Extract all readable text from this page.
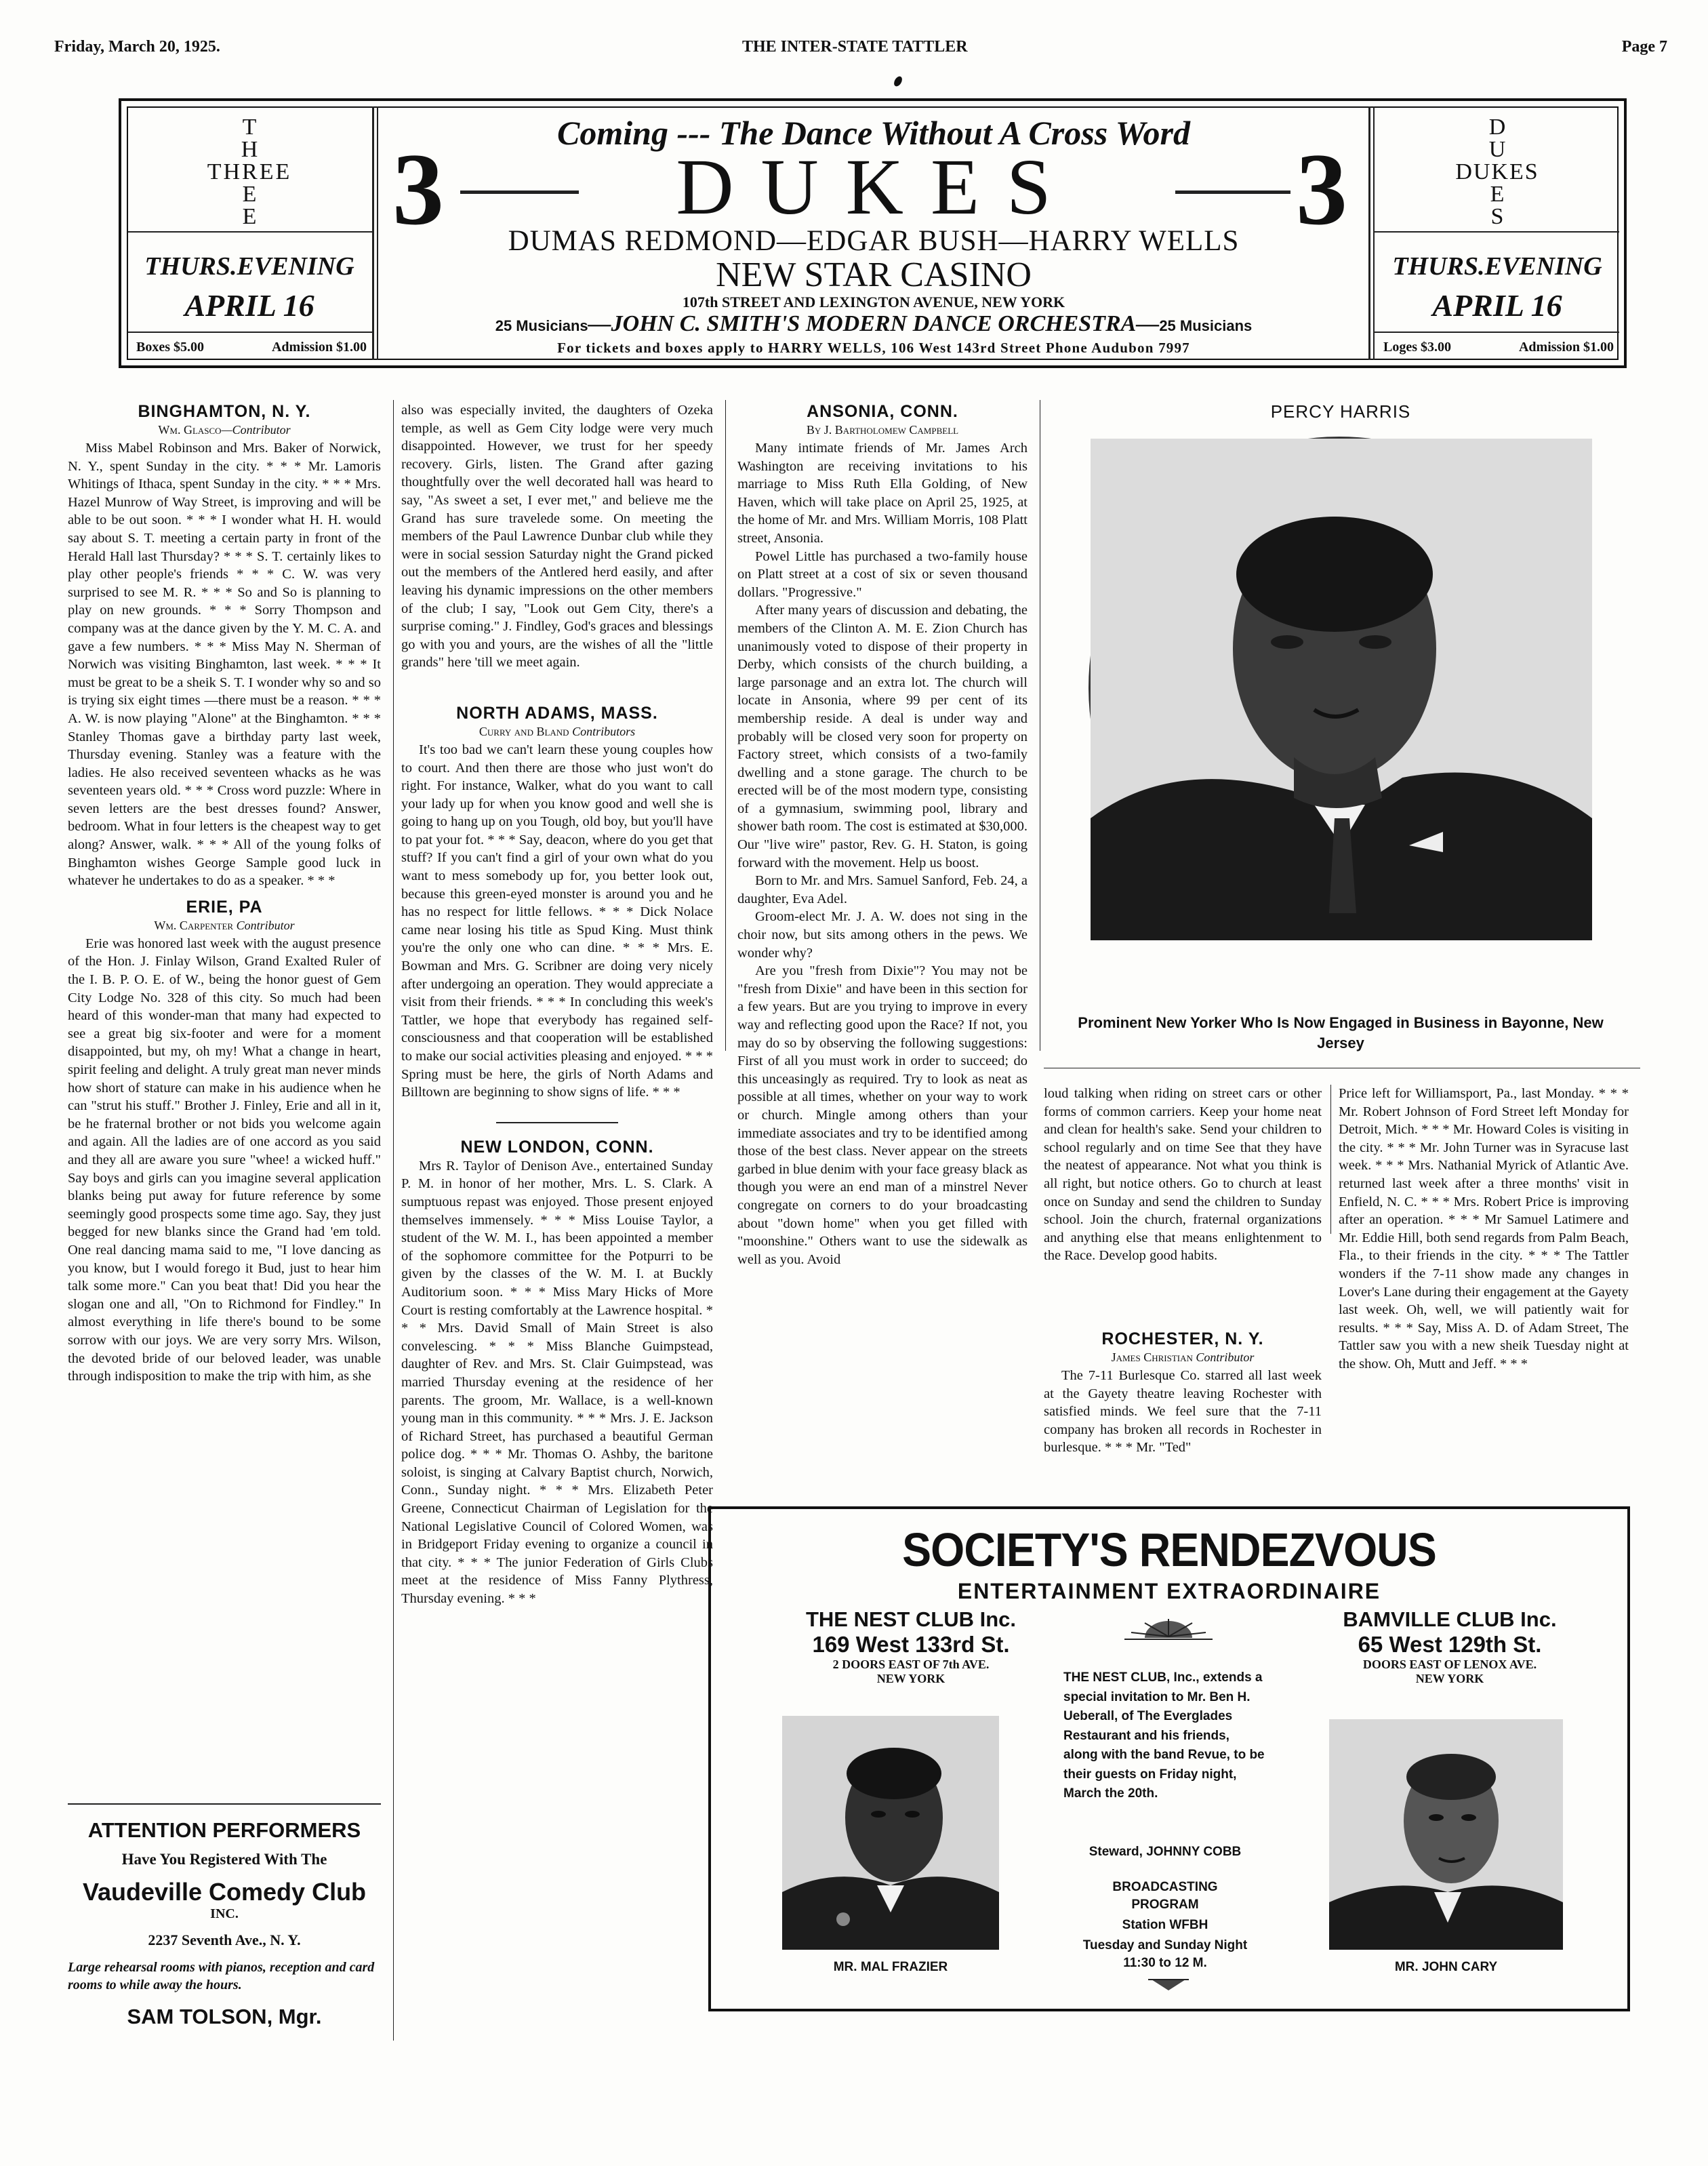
Friday, March 20, 1925.	THE INTER-STATE TATTLER	Page 7
T
H
THREE
E
E
THURS.EVENING
APRIL 16
Boxes $5.00	Admission $1.00
Coming --- The Dance Without A Cross Word
3	3
DUKES
DUMAS REDMOND—EDGAR BUSH—HARRY WELLS
NEW STAR CASINO
107th STREET AND LEXINGTON AVENUE, NEW YORK
25 Musicians—JOHN C. SMITH'S MODERN DANCE ORCHESTRA—25 Musicians
For tickets and boxes apply to HARRY WELLS, 106 West 143rd Street Phone Audubon 7997
D
U
DUKES
E
S
THURS.EVENING
APRIL 16
Loges $3.00	Admission $1.00
BINGHAMTON, N. Y.
Wm. Glasco—Contributor

Miss Mabel Robinson and Mrs. Baker of Norwick, N. Y., spent Sunday in the city. * * * Mr. Lamoris Whitings of Ithaca, spent Sunday in the city. * * * Mrs. Hazel Munrow of Way Street, is improving and will be able to be out soon. * * * I wonder what H. H. would say about S. T. meeting a certain party in front of the Herald Hall last Thursday? * * * S. T. certainly likes to play other people's friends * * * C. W. was very surprised to see M. R. * * * So and So is planning to play on new grounds. * * * Sorry Thompson and company was at the dance given by the Y. M. C. A. and gave a few numbers. * * * Miss May N. Sherman of Norwich was visiting Binghamton, last week. * * * It must be great to be a sheik S. T. I wonder why so and so is trying six eight times —there must be a reason. * * * A. W. is now playing "Alone" at the Binghamton. * * * Stanley Thomas gave a birthday party last week, Thursday evening. Stanley was a feature with the ladies. He also received seventeen whacks as he was seventeen years old. * * * Cross word puzzle: Where in seven letters are the best dresses found? Answer, bedroom. What in four letters is the cheapest way to get along? Answer, walk. * * * All of the young folks of Binghamton wishes George Sample good luck in whatever he undertakes to do as a speaker. * * *

ERIE, PA
Wm. Carpenter Contributor

Erie was honored last week with the august presence of the Hon. J. Finlay Wilson, Grand Exalted Ruler of the I. B. P. O. E. of W., being the honor guest of Gem City Lodge No. 328 of this city. So much had been heard of this wonder-man that many had expected to see a great big six-footer and were for a moment disappointed, but my, oh my! What a change in heart, spirit feeling and delight. A truly great man never minds how short of stature can make in his audience when he can "strut his stuff." Brother J. Finley, Erie and all in it, be he fraternal brother or not bids you welcome again and again. All the ladies are of one accord as you said and they all are aware you sure "whee! a wicked huff." Say boys and girls can you imagine several application blanks being put away for future reference by some seemingly good prospects some time ago. Say, they just begged for new blanks since the Grand had 'em told. One real dancing mama said to me, "I love dancing as you know, but I would forego it Bud, just to hear him talk some more." Can you beat that! Did you hear the slogan one and all, "On to Richmond for Findley." In almost everything in life there's bound to be some sorrow with our joys. We are very sorry Mrs. Wilson, the devoted bride of our beloved leader, was unable through indisposition to make the trip with him, as she

ATTENTION PERFORMERS
Have You Registered With The
Vaudeville Comedy Club
INC.
2237 Seventh Ave., N. Y.
Large rehearsal rooms with pianos, reception and card rooms to while away the hours.
SAM TOLSON, Mgr.

also was especially invited, the daughters of Ozeka temple, as well as Gem City lodge were very much disappointed. However, we trust for her speedy recovery. Girls, listen. The Grand after gazing thoughtfully over the well decorated hall was heard to say, "As sweet a set, I ever met," and believe me the Grand has sure travelede some. On meeting the members of the Paul Lawrence Dunbar club while they were in social session Saturday night the Grand picked out the members of the Antlered herd easily, and after leaving his dynamic impressions on the other members of the club; I say, "Look out Gem City, there's a surprise coming." J. Findley, God's graces and blessings go with you and yours, are the wishes of all the "little grands" here 'till we meet again.

NORTH ADAMS, MASS.
Curry and Bland Contributors

It's too bad we can't learn these young couples how to court. And then there are those who just won't do right. For instance, Walker, what do you want to call your lady up for when you know good and well she is going to hang up on you Tough, old boy, but you'll have to pat your fot. * * * Say, deacon, where do you get that stuff? If you can't find a girl of your own what do you want to mess somebody up for, you better look out, because this green-eyed monster is around you and he has no respect for little fellows. * * * Dick Nolace came near losing his title as Spud King. Must think you're the only one who can dine. * * * Mrs. E. Bowman and Mrs. G. Scribner are doing very nicely after undergoing an operation. They would appreciate a visit from their friends. * * * In concluding this week's Tattler, we hope that everybody has regained self-consciousness and that cooperation will be established to make our social activities pleasing and enjoyed. * * * Spring must be here, the girls of North Adams and Billtown are beginning to show signs of life. * * *

NEW LONDON, CONN.

Mrs R. Taylor of Denison Ave., entertained Sunday P. M. in honor of her mother, Mrs. L. S. Clark. A sumptuous repast was enjoyed. Those present enjoyed themselves immensely. * * * Miss Louise Taylor, a student of the W. M. I., has been appointed a member of the sophomore committee for the Potpurri to be given by the classes of the W. M. I. at Buckly Auditorium soon. * * * Miss Mary Hicks of More Court is resting comfortably at the Lawrence hospital. * * * Mrs. David Small of Main Street is also convelescing. * * * Miss Blanche Guimpstead, daughter of Rev. and Mrs. St. Clair Guimpstead, was married Thursday evening at the residence of her parents. The groom, Mr. Wallace, is a well-known young man in this community. * * * Mrs. J. E. Jackson of Richard Street, has purchased a beautiful German police dog. * * * Mr. Thomas O. Ashby, the baritone soloist, is singing at Calvary Baptist church, Norwich, Conn., Sunday night. * * * Mrs. Elizabeth Peter Greene, Connecticut Chairman of Legislation for the National Legislative Council of Colored Women, was in Bridgeport Friday evening to organize a council in that city. * * * The junior Federation of Girls Clubs meet at the residence of Miss Fanny Plythress, Thursday evening. * * *

ANSONIA, CONN.
By J. Bartholomew Campbell

Many intimate friends of Mr. James Arch Washington are receiving invitations to his marriage to Miss Ruth Ella Golding, of New Haven, which will take place on April 25, 1925, at the home of Mr. and Mrs. William Morris, 108 Platt street, Ansonia.

Powel Little has purchased a two-family house on Platt street at a cost of six or seven thousand dollars. "Progressive."

After many years of discussion and debating, the members of the Clinton A. M. E. Zion Church has unanimously voted to dispose of their property in Derby, which consists of the church building, a large parsonage and an extra lot. The church will locate in Ansonia, where 99 per cent of its membership reside. A deal is under way and probably will be closed very soon for property on Factory street, which consists of a two-family dwelling and a stone garage. The church to be erected will be of the most modern type, consisting of a gymnasium, swimming pool, library and shower bath room. The cost is estimated at $30,000. Our "live wire" pastor, Rev. G. H. Staton, is going forward with the movement. Help us boost.

Born to Mr. and Mrs. Samuel Sanford, Feb. 24, a daughter, Eva Adel.

Groom-elect Mr. J. A. W. does not sing in the choir now, but sits among others in the pews. We wonder why?

Are you "fresh from Dixie"? You may not be "fresh from Dixie" and have been in this section for a few years. But are you trying to improve in every way and reflecting good upon the Race? If not, you may do so by observing the following suggestions: First of all you must work in order to succeed; do this unceasingly as required. Try to look as neat as possible at all times, whether on your way to work or church. Mingle among others than your immediate associates and try to be identified among those of the best class. Never appear on the streets garbed in blue denim with your face greasy black as though you were an end man of a minstrel Never congregate on corners to do your broadcasting about "down home" when you get filled with "moonshine." Others want to use the sidewalk as well as you. Avoid

PERCY HARRIS
Prominent New Yorker Who Is Now Engaged in Business in Bayonne, New Jersey

loud talking when riding on street cars or other forms of common carriers. Keep your home neat and clean for health's sake. Send your children to school regularly and on time See that they have the neatest of appearance. Not what you think is all right, but notice others. Go to church at least once on Sunday and send the children to Sunday school. Join the church, fraternal organizations and anything else that means enlightenment to the Race. Develop good habits.

ROCHESTER, N. Y.
James Christian Contributor

The 7-11 Burlesque Co. starred all last week at the Gayety theatre leaving Rochester with satisfied minds. We feel sure that the 7-11 company has broken all records in Rochester in burlesque. * * * Mr. "Ted"

Price left for Williamsport, Pa., last Monday. * * * Mr. Robert Johnson of Ford Street left Monday for Detroit, Mich. * * * Mr. Howard Coles is visiting in the city. * * * Mr. John Turner was in Syracuse last week. * * * Mrs. Nathanial Myrick of Atlantic Ave. returned last week after a three months' visit in Enfield, N. C. * * * Mrs. Robert Price is improving after an operation. * * * Mr Samuel Latimere and Mr. Eddie Hill, both send regards from Palm Beach, Fla., to their friends in the city. * * * The Tattler wonders if the 7-11 show made any changes in Lover's Lane during their engagement at the Gayety last week. Oh, well, we will patiently wait for results. * * * Say, Miss A. D. of Adam Street, The Tattler saw you with a new sheik Tuesday night at the show. Oh, Mutt and Jeff. * * *

SOCIETY'S RENDEZVOUS
ENTERTAINMENT EXTRAORDINAIRE
THE NEST CLUB Inc.
169 West 133rd St.
2 DOORS EAST OF 7th AVE.
NEW YORK
MR. MAL FRAZIER
THE NEST CLUB, Inc., extends a special invitation to Mr. Ben H. Ueberall, of The Everglades Restaurant and his friends, along with the band Revue, to be their guests on Friday night, March the 20th.
Steward, JOHNNY COBB
BROADCASTING
PROGRAM
Station WFBH
Tuesday and Sunday Night
11:30 to 12 M.
BAMVILLE CLUB Inc.
65 West 129th St.
DOORS EAST OF LENOX AVE.
NEW YORK
MR. JOHN CARY
